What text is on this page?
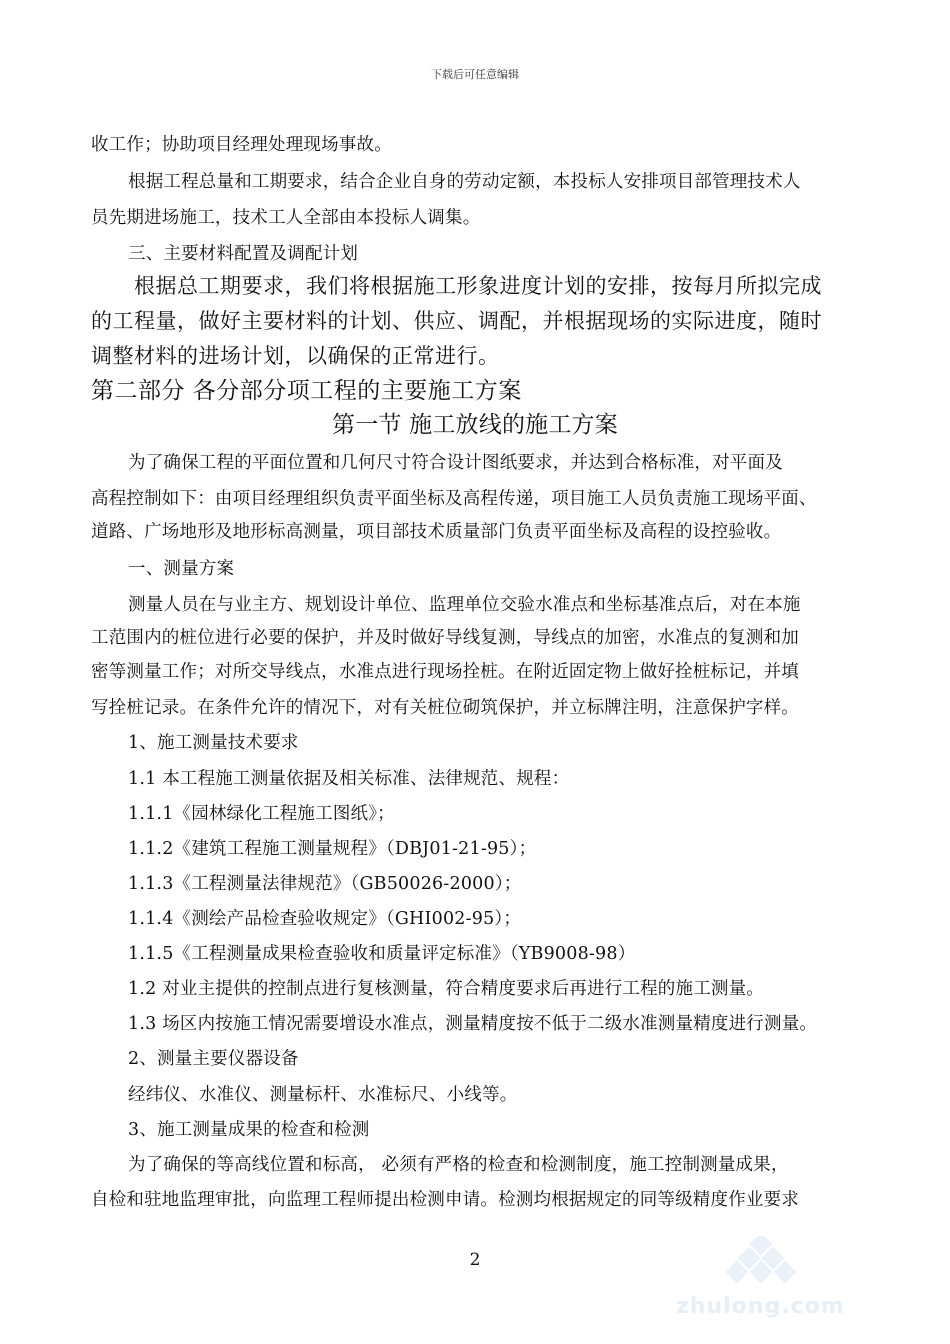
下载后可任意编辑
收工作；协助项目经理处理现场事故。
根据工程总量和工期要求，结合企业自身的劳动定额，本投标人安排项目部管理技术人
员先期进场施工，技术工人全部由本投标人调集。
三、主要材料配置及调配计划
根据总工期要求，我们将根据施工形象进度计划的安排，按每月所拟完成
的工程量，做好主要材料的计划、供应、调配，并根据现场的实际进度，随时
调整材料的进场计划，以确保的正常进行。
第二部分 各分部分项工程的主要施工方案
第一节 施工放线的施工方案
为了确保工程的平面位置和几何尺寸符合设计图纸要求，并达到合格标准，对平面及
高程控制如下：由项目经理组织负责平面坐标及高程传递，项目施工人员负责施工现场平面、
道路、广场地形及地形标高测量，项目部技术质量部门负责平面坐标及高程的设控验收。
一、测量方案
测量人员在与业主方、规划设计单位、监理单位交验水准点和坐标基准点后，对在本施
工范围内的桩位进行必要的保护，并及时做好导线复测，导线点的加密，水准点的复测和加
密等测量工作；对所交导线点，水准点进行现场拴桩。在附近固定物上做好拴桩标记，并填
写拴桩记录。在条件允许的情况下，对有关桩位砌筑保护，并立标牌注明，注意保护字样。
1、施工测量技术要求
1.1 本工程施工测量依据及相关标准、法律规范、规程：
1.1.1《园林绿化工程施工图纸》；
1.1.2《建筑工程施工测量规程》（DBJ01-21-95）；
1.1.3《工程测量法律规范》（GB50026-2000）；
1.1.4《测绘产品检查验收规定》（GHI002-95）；
1.1.5《工程测量成果检查验收和质量评定标准》（YB9008-98）
1.2 对业主提供的控制点进行复核测量，符合精度要求后再进行工程的施工测量。
1.3 场区内按施工情况需要增设水准点，测量精度按不低于二级水准测量精度进行测量。
2、测量主要仪器设备
经纬仪、水准仪、测量标杆、水准标尺、小线等。
3、施工测量成果的检查和检测
为了确保的等高线位置和标高， 必须有严格的检查和检测制度，施工控制测量成果，
自检和驻地监理审批，向监理工程师提出检测申请。检测均根据规定的同等级精度作业要求
2
zhulong.com
